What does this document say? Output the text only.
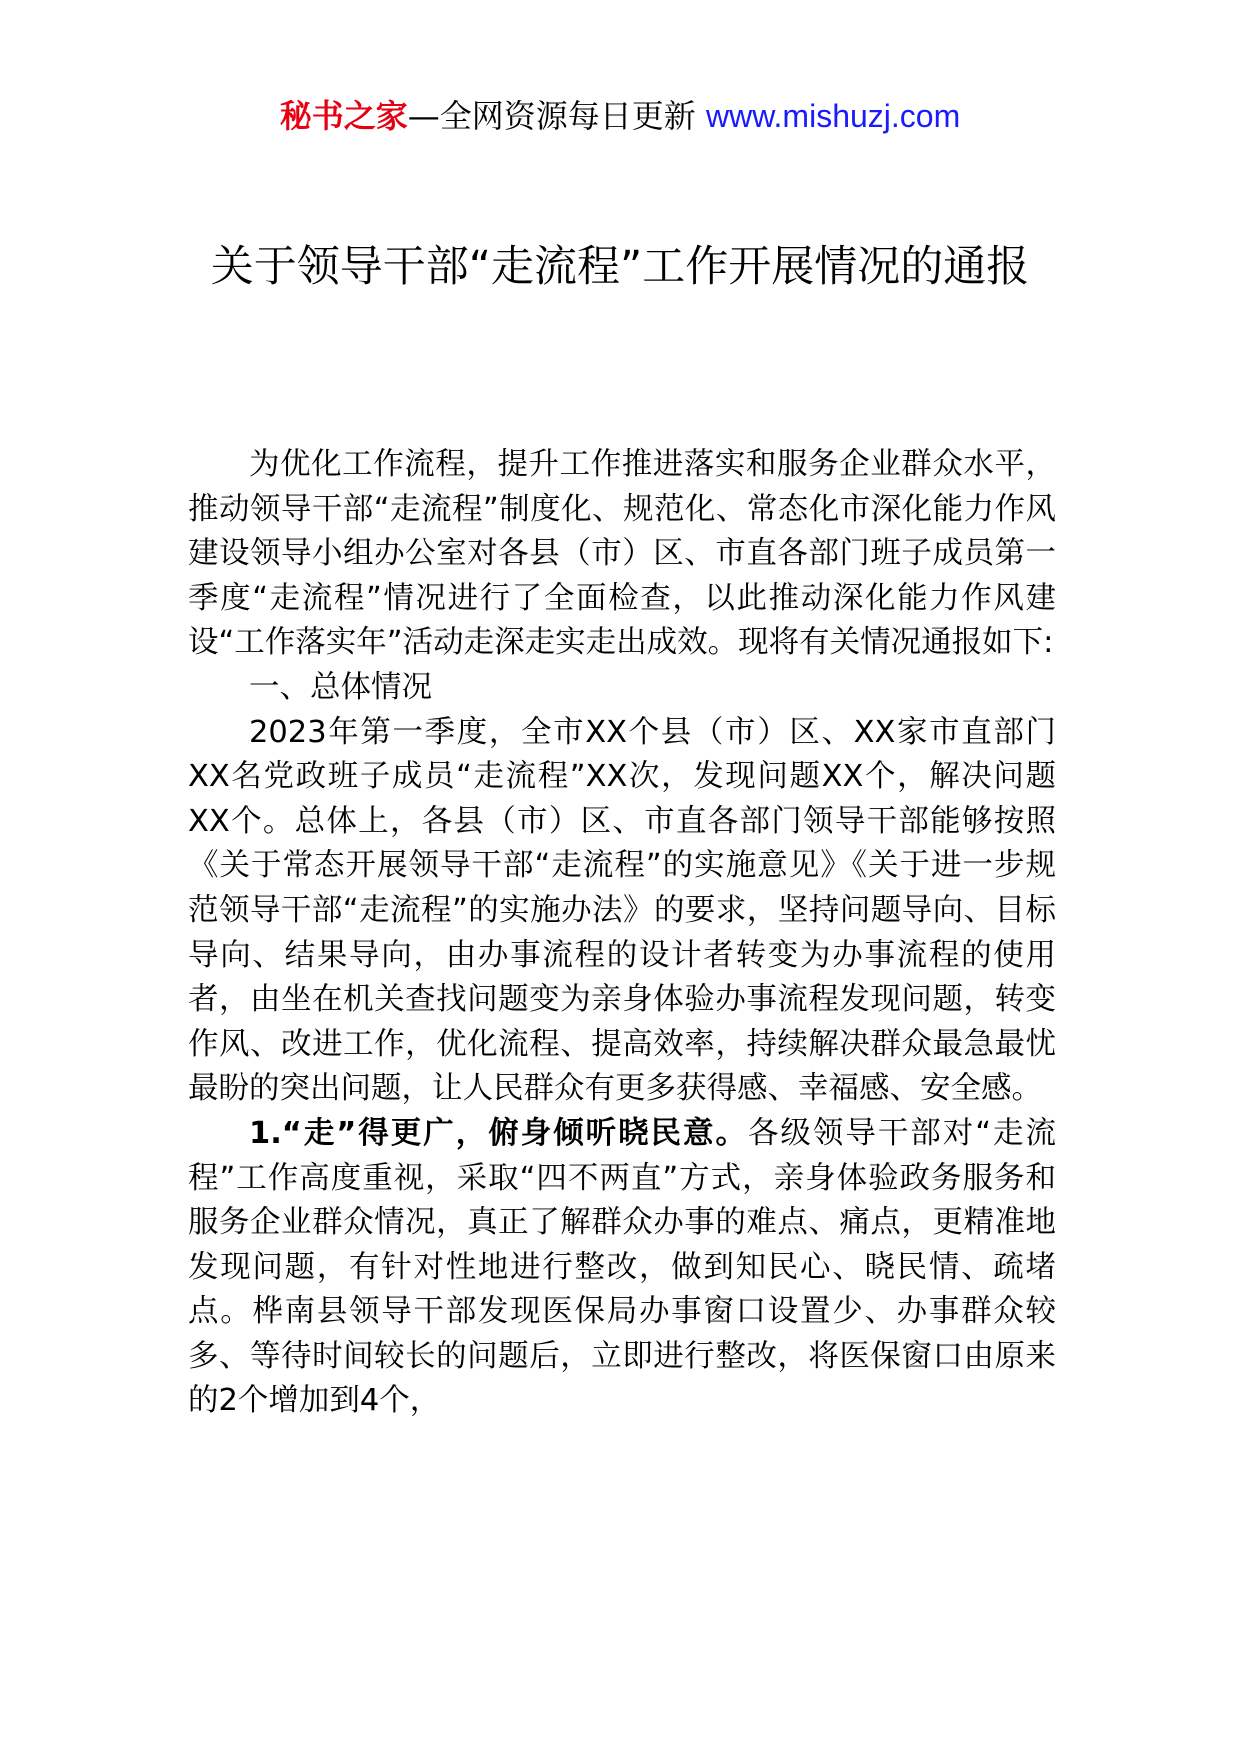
秘书之家—全网资源每日更新 www.mishuzj.com
关于领导干部“走流程”工作开展情况的通报

为优化工作流程，提升工作推进落实和服务企业群众水平，推动领导干部“走流程”制度化、规范化、常态化市深化能力作风建设领导小组办公室对各县（市）区、市直各部门班子成员第一季度“走流程”情况进行了全面检查，以此推动深化能力作风建设“工作落实年”活动走深走实走出成效。现将有关情况通报如下:

一、总体情况

2023年第一季度，全市XX个县（市）区、XX家市直部门XX名党政班子成员“走流程”XX次，发现问题XX个，解决问题XX个。总体上，各县（市）区、市直各部门领导干部能够按照《关于常态开展领导干部“走流程”的实施意见》《关于进一步规范领导干部“走流程”的实施办法》的要求，坚持问题导向、目标导向、结果导向，由办事流程的设计者转变为办事流程的使用者，由坐在机关查找问题变为亲身体验办事流程发现问题，转变作风、改进工作，优化流程、提高效率，持续解决群众最急最忧最盼的突出问题，让人民群众有更多获得感、幸福感、安全感。

1.“走”得更广，俯身倾听晓民意。各级领导干部对“走流程”工作高度重视，采取“四不两直”方式，亲身体验政务服务和服务企业群众情况，真正了解群众办事的难点、痛点，更精准地发现问题，有针对性地进行整改，做到知民心、晓民情、疏堵点。桦南县领导干部发现医保局办事窗口设置少、办事群众较多、等待时间较长的问题后，立即进行整改，将医保窗口由原来的2个增加到4个，
